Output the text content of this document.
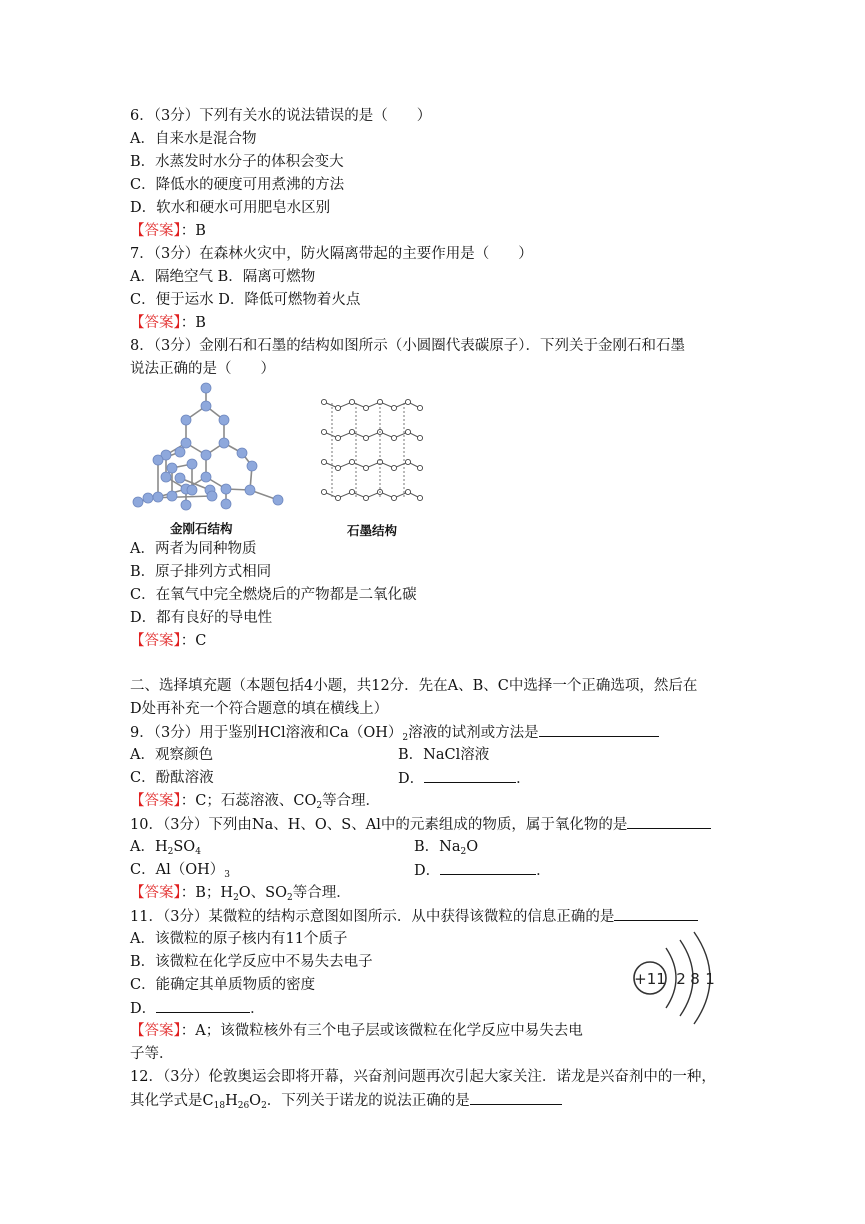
6．（3分）下列有关水的说法错误的是（　　）
A．自来水是混合物
B．水蒸发时水分子的体积会变大
C．降低水的硬度可用煮沸的方法
D．软水和硬水可用肥皂水区别
【答案】：B
7．（3分）在森林火灾中，防火隔离带起的主要作用是（　　）
A．隔绝空气 B．隔离可燃物
C．便于运水 D．降低可燃物着火点
【答案】：B
8．（3分）金刚石和石墨的结构如图所示（小圆圈代表碳原子）．下列关于金刚石和石墨
说法正确的是（　　）
金刚石结构	石墨结构
A．两者为同种物质
B．原子排列方式相同
C．在氧气中完全燃烧后的产物都是二氧化碳
D．都有良好的导电性
【答案】：C
二、选择填充题（本题包括4小题，共12分．先在A、B、C中选择一个正确选项，然后在
D处再补充一个符合题意的填在横线上）
9．（3分）用于鉴别HCl溶液和$Ca(OH)_2$溶液的试剂或方法是
A．观察颜色	B．NaCl溶液
C．酚酞溶液	D．	．
【答案】：C；石蕊溶液、$CO_2$等合理．
10．（3分）下列由Na、H、O、S、Al中的元素组成的物质，属于氧化物的是
A．$H_2SO_4$	B．$Na_2O$
C．$Al(OH)_3$	D．	．
【答案】：B；$H_2O$、$SO_2$等合理．
11．（3分）某微粒的结构示意图如图所示．从中获得该微粒的信息正确的是
A．该微粒的原子核内有11个质子
B．该微粒在化学反应中不易失去电子
C．能确定其单质物质的密度
D．	．
【答案】：A；该微粒核外有三个电子层或该微粒在化学反应中易失去电
子等．
+11 2 8 1
12．（3分）伦敦奥运会即将开幕，兴奋剂问题再次引起大家关注．诺龙是兴奋剂中的一种，
其化学式是$C_{18}H_{26}O_2$．下列关于诺龙的说法正确的是
